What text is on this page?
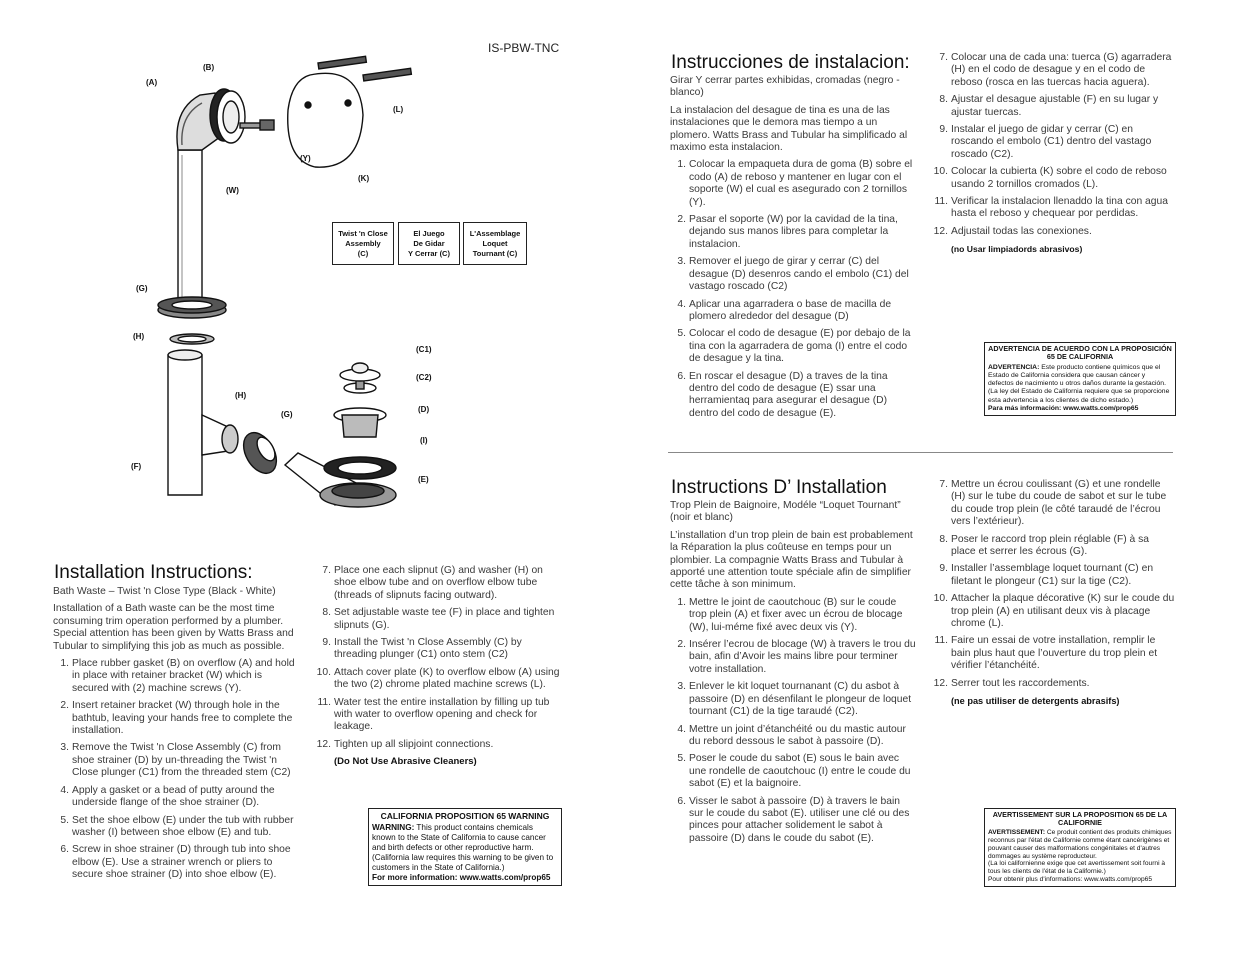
IS-PBW-TNC
(A)
(B)
(L)
(Y)
(K)
(W)
(G)
(H)
(H)
(G)
(F)
(C1)
(C2)
(D)
(I)
(E)
Twist 'n Close
Assembly
(C)
El Juego
De Gidar
Y Cerrar (C)
L'Assemblage
Loquet
Tournant (C)
Installation Instructions:

Bath Waste – Twist 'n Close Type (Black - White)

Installation of a Bath waste can be the most time consuming trim operation performed by a plumber. Special attention has been given by Watts Brass and Tubular to simplifying this job as much as possible.

1. Place rubber gasket (B) on overflow (A) and hold in place with retainer bracket (W) which is secured with (2) machine screws (Y).
2. Insert retainer bracket (W) through hole in the bathtub, leaving your hands free to complete the installation.
3. Remove the Twist 'n Close Assembly (C) from shoe strainer (D) by un-threading the Twist 'n Close plunger (C1) from the threaded stem (C2)
4. Apply a gasket or a bead of putty around the underside flange of the shoe strainer (D).
5. Set the shoe elbow (E) under the tub with rubber washer (I) between shoe elbow (E) and tub.
6. Screw in shoe strainer (D) through tub into shoe elbow (E). Use a strainer wrench or pliers to secure shoe strainer (D) into shoe elbow (E).
7. Place one each slipnut (G) and washer (H) on shoe elbow tube and on overflow elbow tube (threads of slipnuts facing outward).
8. Set adjustable waste tee (F) in place and tighten slipnuts (G).
9. Install the Twist 'n Close Assembly (C) by threading plunger (C1) onto stem (C2)
10. Attach cover plate (K) to overflow elbow (A) using the two (2) chrome plated machine screws (L).
11. Water test the entire installation by filling up tub with water to overflow opening and check for leakage.
12. Tighten up all slipjoint connections.
(Do Not Use Abrasive Cleaners)
CALIFORNIA PROPOSITION 65 WARNING
WARNING: This product contains chemicals known to the State of California to cause cancer and birth defects or other reproductive harm.
(California law requires this warning to be given to customers in the State of California.)
For more information: www.watts.com/prop65
Instrucciones de instalacion:

Girar Y cerrar partes exhibidas, cromadas (negro - blanco)

La instalacion del desague de tina es una de las instalaciones que le demora mas tiempo a un plomero. Watts Brass and Tubular ha simplificado al maximo esta instalacion.

1. Colocar la empaqueta dura de goma (B) sobre el codo (A) de reboso y mantener en lugar con el soporte (W) el cual es asegurado con 2 tornillos (Y).
2. Pasar el soporte (W) por la cavidad de la tina, dejando sus manos libres para completar la instalacion.
3. Remover el juego de girar y cerrar (C) del desague (D) desenros cando el embolo (C1) del vastago roscado (C2)
4. Aplicar una agarradera o base de macilla de plomero alrededor del desague (D)
5. Colocar el codo de desague (E) por debajo de la tina con la agarradera de goma (I) entre el codo de desague y la tina.
6. En roscar el desague (D) a traves de la tina dentro del codo de desague (E) ssar una herramientaq para asegurar el desague (D) dentro del codo de desague (E).
7. Colocar una de cada una: tuerca (G) agarradera (H) en el codo de desague y en el codo de reboso (rosca en las tuercas hacia aguera).
8. Ajustar el desague ajustable (F) en su lugar y ajustar tuercas.
9. Instalar el juego de gidar y cerrar (C) en roscando el embolo (C1) dentro del vastago roscado (C2).
10. Colocar la cubierta (K) sobre el codo de reboso usando 2 tornillos cromados (L).
11. Verificar la instalacion llenaddo la tina con agua hasta el reboso y chequear por perdidas.
12. Adjustail todas las conexiones.
(no Usar limpiadords abrasivos)
ADVERTENCIA DE ACUERDO CON LA PROPOSICIÓN 65 DE CALIFORNIA
ADVERTENCIA: Este producto contiene químicos que el Estado de California considera que causan cáncer y defectos de nacimiento u otros daños durante la gestación.
(La ley del Estado de California requiere que se proporcione esta advertencia a los clientes de dicho estado.)
Para más información: www.watts.com/prop65
Instructions D’ Installation

Trop Plein de Baignoire, Modéle “Loquet Tournant” (noir et blanc)

L’installation d’un trop plein de bain est probablement la Réparation la plus coûteuse en temps pour un plombier. La compagnie Watts Brass and Tubular à apporté une attention toute spéciale afin de simplifier cette tâche à son minimum.

1. Mettre le joint de caoutchouc (B) sur le coude trop plein (A) et fixer avec un écrou de blocage (W), lui-méme fixé avec deux vis (Y).
2. Insérer l’ecrou de blocage (W) à travers le trou du bain, afin d’Avoir les mains libre pour terminer votre installation.
3. Enlever le kit loquet tournanant (C) du asbot à passoire (D) en désenfilant le plongeur de loquet tournant (C1) de la tige taraudé (C2).
4. Mettre un joint d’étanchéité ou du mastic autour du rebord dessous le sabot à passoire (D).
5. Poser le coude du sabot (E) sous le bain avec une rondelle de caoutchouc (I) entre le coude du sabot (E) et la baignoire.
6. Visser le sabot à passoire (D) à travers le bain sur le coude du sabot (E). utiliser une clé ou des pinces pour attacher solidement le sabot à passoire (D) dans le coude du sabot (E).
7. Mettre un écrou coulissant (G) et une rondelle (H) sur le tube du coude de sabot et sur le tube du coude trop plein (le côté taraudé de l’écrou vers l’extérieur).
8. Poser le raccord trop plein réglable (F) à sa place et serrer les écrous (G).
9. Installer l’assemblage loquet tournant (C) en filetant le plongeur (C1) sur la tige (C2).
10. Attacher la plaque décorative (K) sur le coude du trop plein (A) en utilisant deux vis à placage chrome (L).
11. Faire un essai de votre installation, remplir le bain plus haut que l’ouverture du trop plein et vérifier l’étanchéité.
12. Serrer tout les raccordements.
(ne pas utiliser de detergents abrasifs)
AVERTISSEMENT SUR LA PROPOSITION 65 DE LA CALIFORNIE
AVERTISSEMENT: Ce produit contient des produits chimiques reconnus par l'état de Californie comme étant cancérigènes et pouvant causer des malformations congénitales et d'autres dommages au système reproducteur.
(La loi californienne exige que cet avertissement soit fourni à tous les clients de l'état de la Californie.)
Pour obtenir plus d'informations: www.watts.com/prop65
